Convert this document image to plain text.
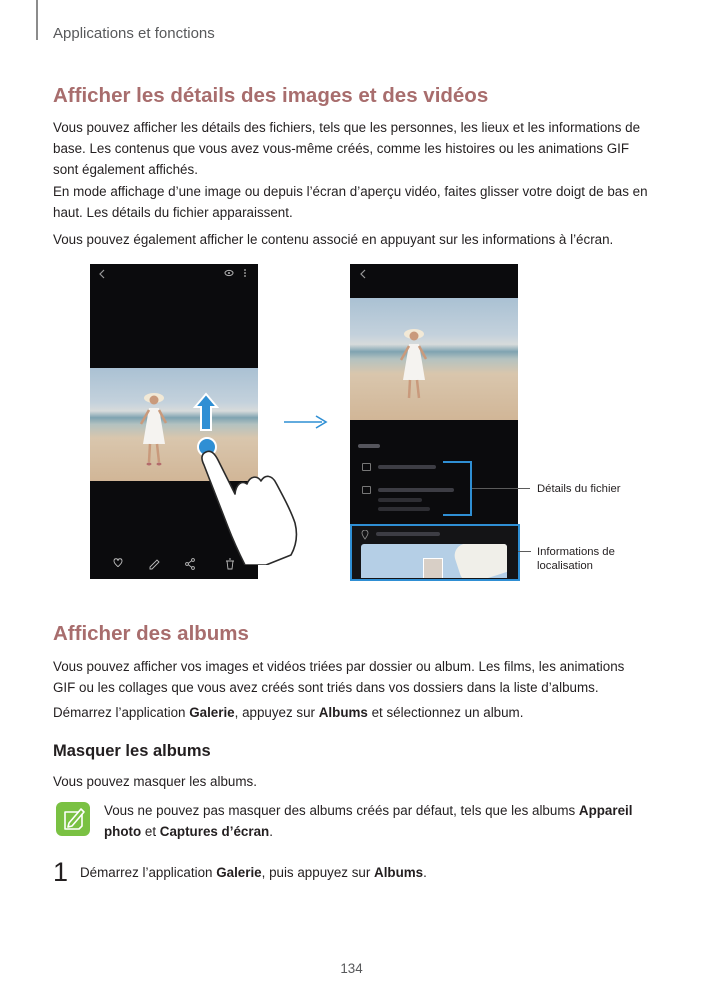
Applications et fonctions
Afficher les détails des images et des vidéos

Vous pouvez afficher les détails des fichiers, tels que les personnes, les lieux et les informations de base. Les contenus que vous avez vous-même créés, comme les histoires ou les animations GIF sont également affichés.

En mode affichage d’une image ou depuis l’écran d’aperçu vidéo, faites glisser votre doigt de bas en haut. Les détails du fichier apparaissent.

Vous pouvez également afficher le contenu associé en appuyant sur les informations à l’écran.

Détails du fichier
Informations de localisation
Afficher des albums

Vous pouvez afficher vos images et vidéos triées par dossier ou album. Les films, les animations GIF ou les collages que vous avez créés sont triés dans vos dossiers dans la liste d’albums.

Démarrez l’application Galerie, appuyez sur Albums et sélectionnez un album.

Masquer les albums

Vous pouvez masquer les albums.

Vous ne pouvez pas masquer des albums créés par défaut, tels que les albums Appareil photo et Captures d’écran.

1 Démarrez l’application Galerie, puis appuyez sur Albums.

134
